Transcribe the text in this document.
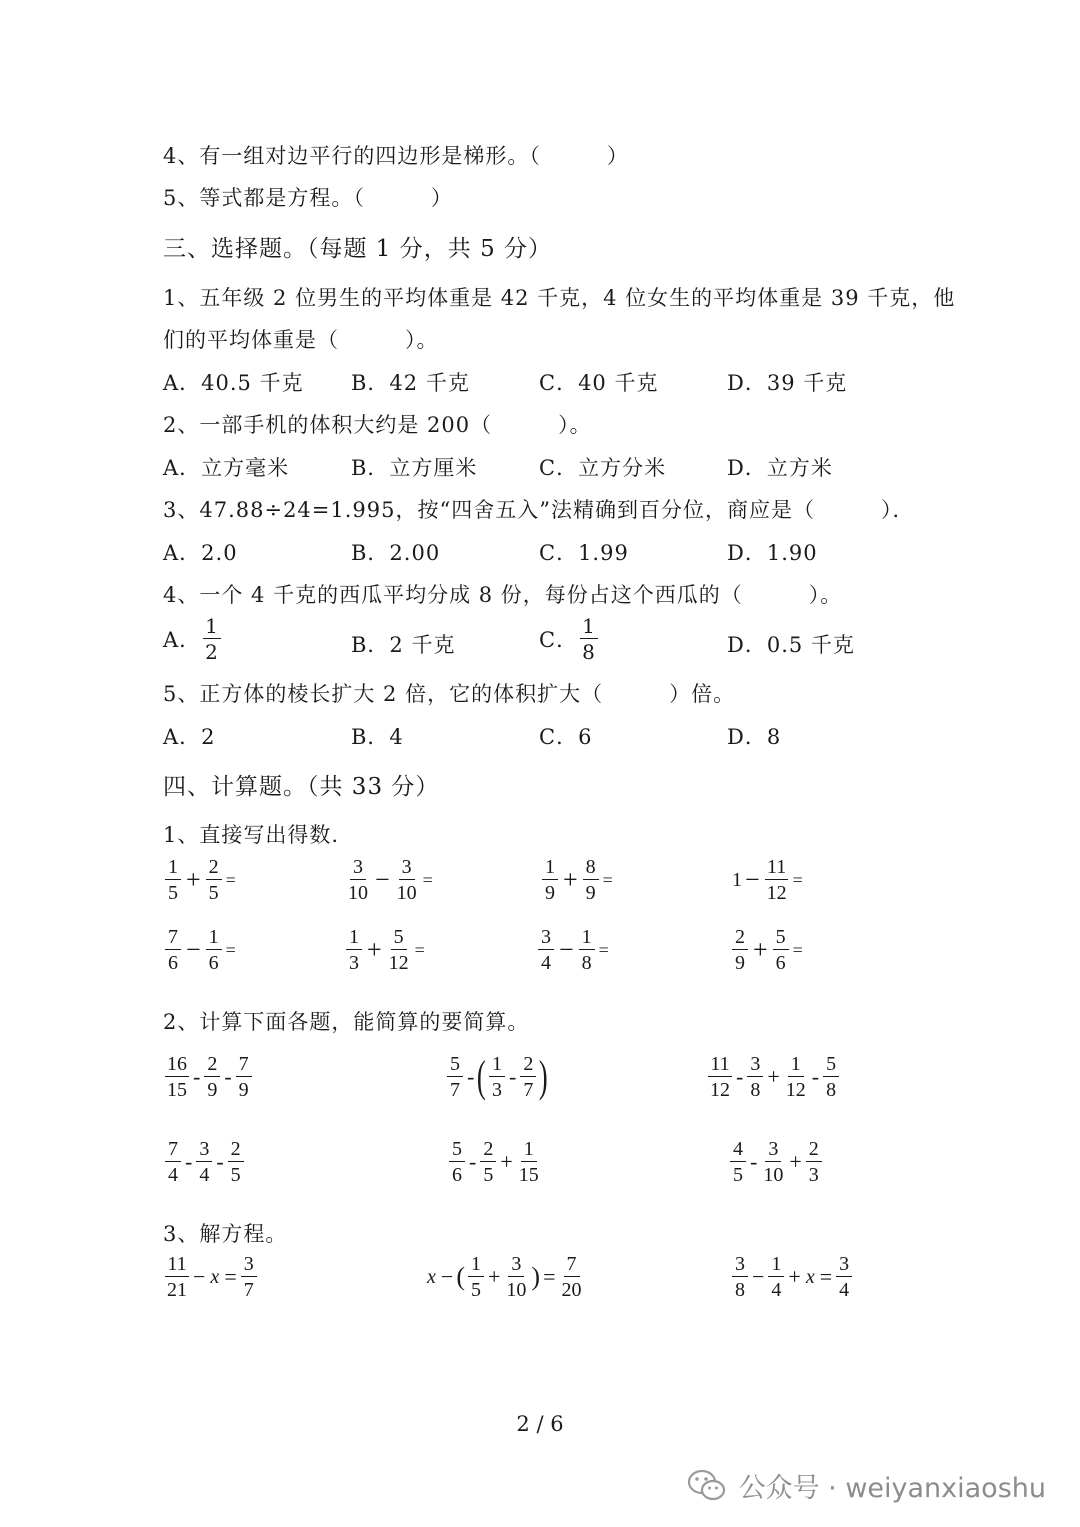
4、有一组对边平行的四边形是梯形。（　　　）
5、等式都是方程。（　　　）
三、选择题。（每题 1 分，共 5 分）
1、五年级 2 位男生的平均体重是 42 千克，4 位女生的平均体重是 39 千克，他
们的平均体重是（　　　）。
A．40.5 千克 B．42 千克	C．40 千克	D．39 千克
2、一部手机的体积大约是 200（　　　）。
A．立方毫米	B．立方厘米	C．立方分米	D．立方米
3、47.88÷24=1.995，按“四舍五入”法精确到百分位，商应是（　　　）．
A．2.0	B．2.00	C．1.99	D．1.90
4、一个 4 千克的西瓜平均分成 8 份，每份占这个西瓜的（　　　）。
A． $\frac{1}{2}$	B．2 千克	C． $\frac{1}{8}$	D．0.5 千克
5、正方体的棱长扩大 2 倍，它的体积扩大（　　　）倍。
A．2	B．4	C．6	D．8
四、计算题。（共 33 分）
1、直接写出得数.
$\frac{1}{5} + \frac{2}{5}$ =	$\frac{3}{10} - \frac{3}{10}$ =	$\frac{1}{9} + \frac{8}{9}$ =	$1 - \frac{11}{12}$ =
$\frac{7}{6} - \frac{1}{6}$ =	$\frac{1}{3} + \frac{5}{12}$ =	$\frac{3}{4} - \frac{1}{8}$ =	$\frac{2}{9} + \frac{5}{6}$ =
2、计算下面各题，能简算的要简算。
$\frac{16}{15} - \frac{2}{9} - \frac{7}{9}$	$\frac{5}{7}$ - ( $\frac{1}{3} - \frac{2}{7}$ )	$\frac{11}{12} - \frac{3}{8} + \frac{1}{12} - \frac{5}{8}$
$\frac{7}{4} - \frac{3}{4} - \frac{2}{5}$	$\frac{5}{6} - \frac{2}{5} + \frac{1}{15}$	$\frac{4}{5} - \frac{3}{10} + \frac{2}{3}$
3、解方程。
$\frac{11}{21} - x = \frac{3}{7}$	x − ( $\frac{1}{5} + \frac{3}{10}$ ) = $\frac{7}{20}$	$\frac{3}{8} - \frac{1}{4} + x = \frac{3}{4}$
2 / 6
公众号 · weiyanxiaoshu
